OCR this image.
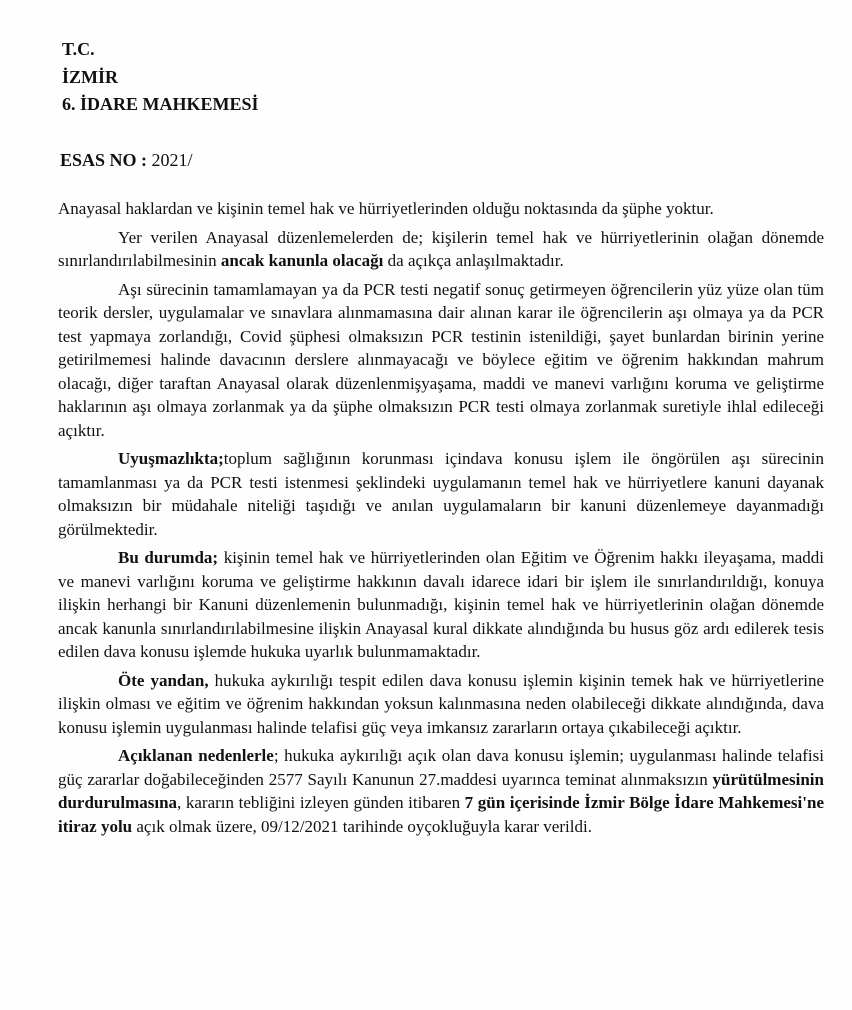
T.C.
İZMİR
6. İDARE MAHKEMESİ
ESAS NO : 2021/

Anayasal haklardan ve kişinin temel hak ve hürriyetlerinden olduğu noktasında da şüphe yoktur.

Yer verilen Anayasal düzenlemelerden de; kişilerin temel hak ve hürriyetlerinin olağan dönemde sınırlandırılabilmesinin ancak kanunla olacağı da açıkça anlaşılmaktadır.

Aşı sürecinin tamamlamayan ya da PCR testi negatif sonuç getirmeyen öğrencilerin yüz yüze olan tüm teorik dersler, uygulamalar ve sınavlara alınmamasına dair alınan karar ile öğrencilerin aşı olmaya ya da PCR test yapmaya zorlandığı, Covid şüphesi olmaksızın PCR testinin istenildiği, şayet bunlardan birinin yerine getirilmemesi halinde davacının derslere alınmayacağı ve böylece eğitim ve öğrenim hakkından mahrum olacağı, diğer taraftan Anayasal olarak düzenlenmişyaşama, maddi ve manevi varlığını koruma ve geliştirme haklarının aşı olmaya zorlanmak ya da şüphe olmaksızın PCR testi olmaya zorlanmak suretiyle ihlal edileceği açıktır.

Uyuşmazlıkta;toplum sağlığının korunması içindava konusu işlem ile öngörülen aşı sürecinin tamamlanması ya da PCR testi istenmesi şeklindeki uygulamanın temel hak ve hürriyetlere kanuni dayanak olmaksızın bir müdahale niteliği taşıdığı ve anılan uygulamaların bir kanuni düzenlemeye dayanmadığı görülmektedir.

Bu durumda; kişinin temel hak ve hürriyetlerinden olan Eğitim ve Öğrenim hakkı ileyaşama, maddi ve manevi varlığını koruma ve geliştirme hakkının davalı idarece idari bir işlem ile sınırlandırıldığı, konuya ilişkin herhangi bir Kanuni düzenlemenin bulunmadığı, kişinin temel hak ve hürriyetlerinin olağan dönemde ancak kanunla sınırlandırılabilmesine ilişkin Anayasal kural dikkate alındığında bu husus göz ardı edilerek tesis edilen dava konusu işlemde hukuka uyarlık bulunmamaktadır.

Öte yandan, hukuka aykırılığı tespit edilen dava konusu işlemin kişinin temek hak ve hürriyetlerine ilişkin olması ve eğitim ve öğrenim hakkından yoksun kalınmasına neden olabileceği dikkate alındığında, dava konusu işlemin uygulanması halinde telafisi güç veya imkansız zararların ortaya çıkabileceği açıktır.

Açıklanan nedenlerle; hukuka aykırılığı açık olan dava konusu işlemin; uygulanması halinde telafisi güç zararlar doğabileceğinden 2577 Sayılı Kanunun 27.maddesi uyarınca teminat alınmaksızın yürütülmesinin durdurulmasına, kararın tebliğini izleyen günden itibaren 7 gün içerisinde İzmir Bölge İdare Mahkemesi'ne itiraz yolu açık olmak üzere, 09/12/2021 tarihinde oyçokluğuyla karar verildi.
